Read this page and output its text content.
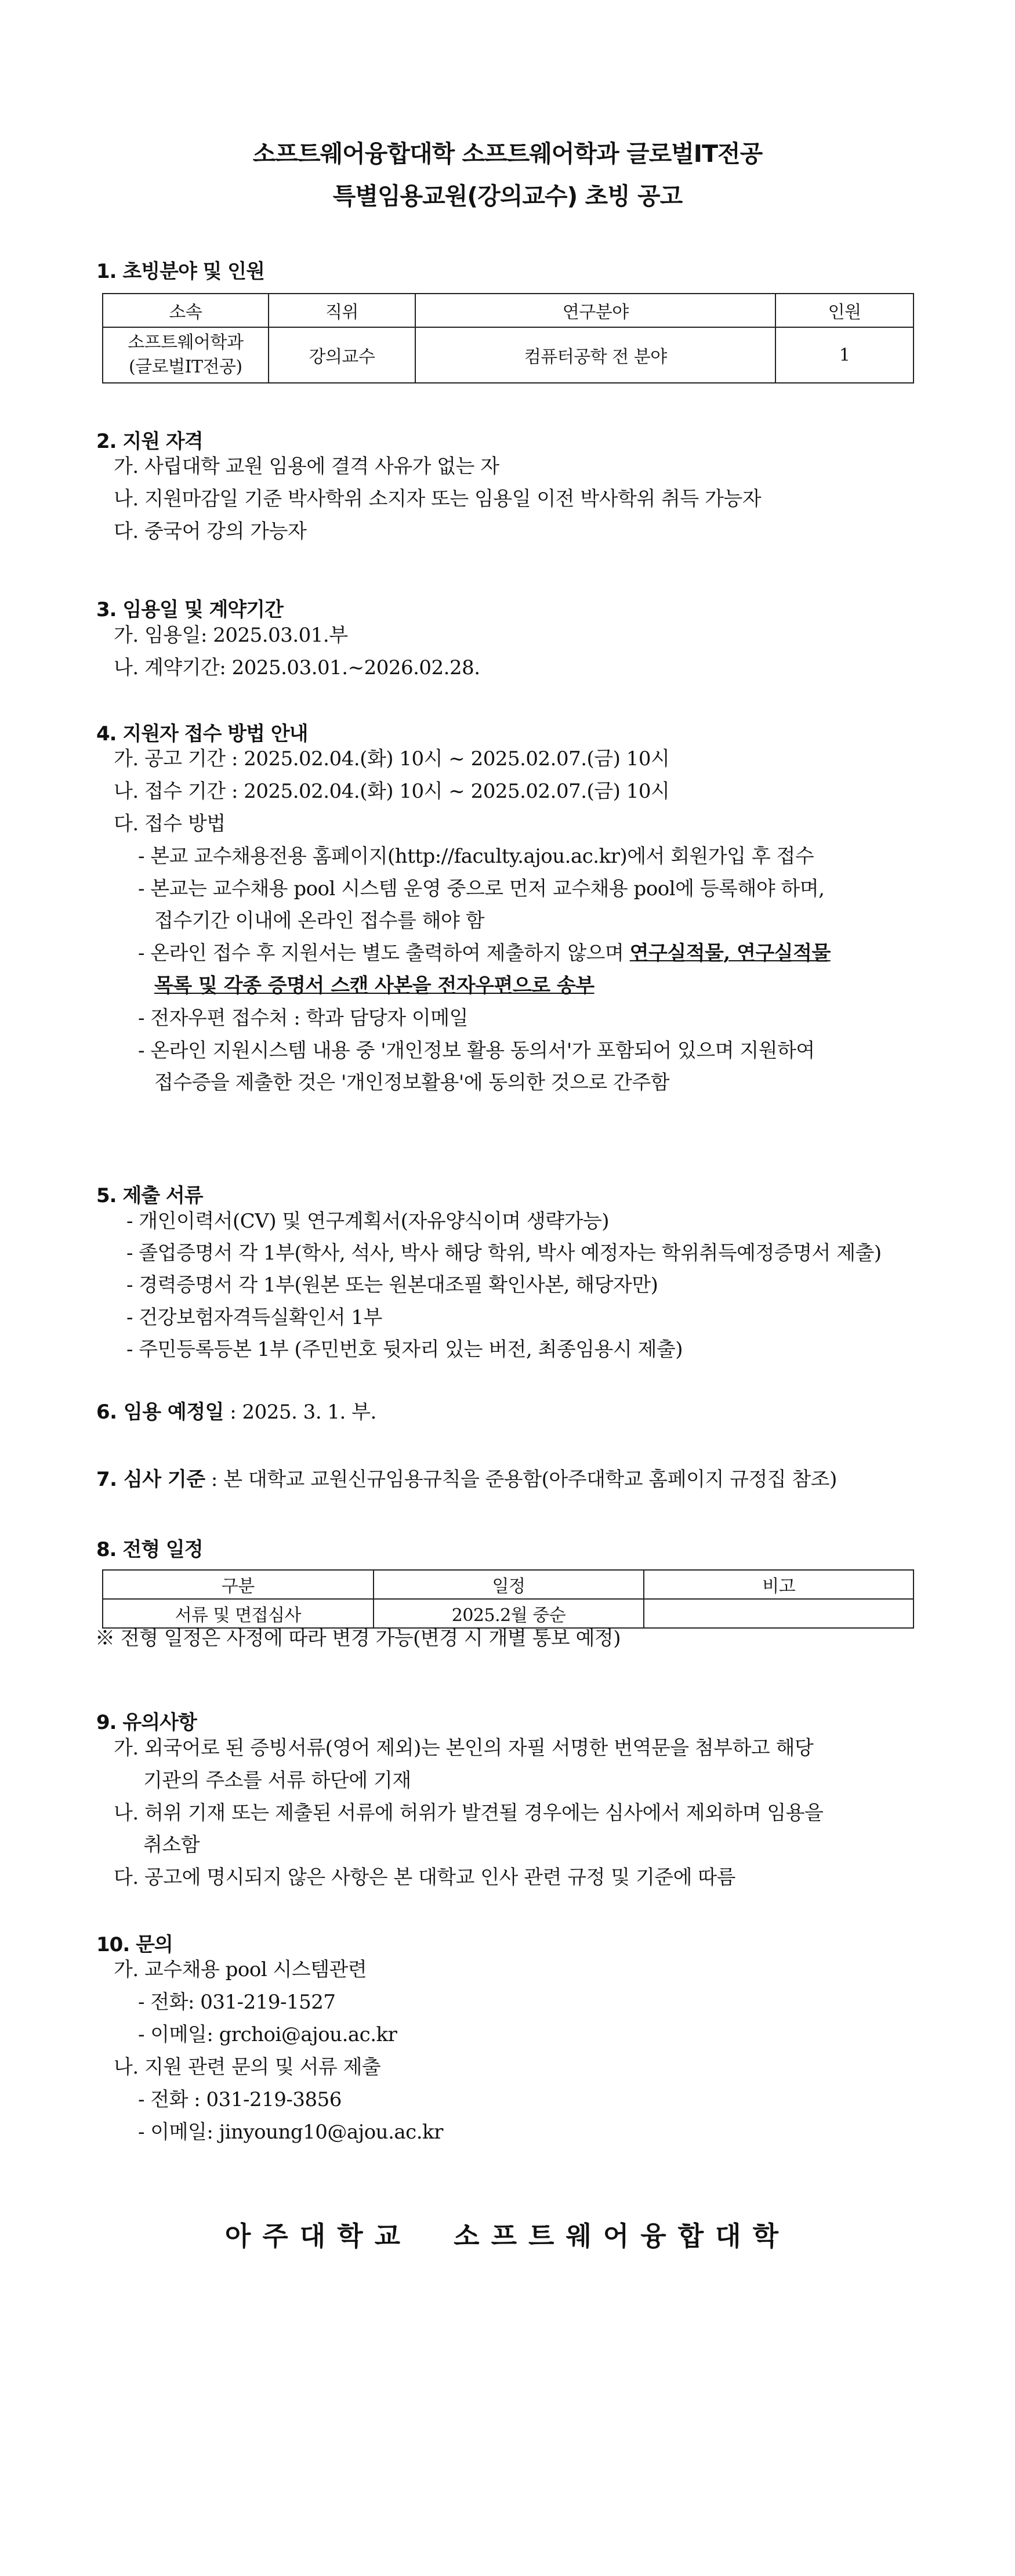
소프트웨어융합대학 소프트웨어학과 글로벌IT전공
특별임용교원(강의교수) 초빙 공고
1. 초빙분야 및 인원
소속	직위	연구분야	인원

소프트웨어학과
(글로벌IT전공)	강의교수	컴퓨터공학 전 분야	1
2. 지원 자격
가. 사립대학 교원 임용에 결격 사유가 없는 자
나. 지원마감일 기준 박사학위 소지자 또는 임용일 이전 박사학위 취득 가능자
다. 중국어 강의 가능자
3. 임용일 및 계약기간
가. 임용일: 2025.03.01.부
나. 계약기간: 2025.03.01.~2026.02.28.
4. 지원자 접수 방법 안내
가. 공고 기간 : 2025.02.04.(화) 10시 ~ 2025.02.07.(금) 10시
나. 접수 기간 : 2025.02.04.(화) 10시 ~ 2025.02.07.(금) 10시
다. 접수 방법
- 본교 교수채용전용 홈페이지(http://faculty.ajou.ac.kr)에서 회원가입 후 접수
- 본교는 교수채용 pool 시스템 운영 중으로 먼저 교수채용 pool에 등록해야 하며,
접수기간 이내에 온라인 접수를 해야 함
- 온라인 접수 후 지원서는 별도 출력하여 제출하지 않으며 연구실적물, 연구실적물
목록 및 각종 증명서 스캔 사본을 전자우편으로 송부
- 전자우편 접수처 : 학과 담당자 이메일
- 온라인 지원시스템 내용 중 '개인정보 활용 동의서'가 포함되어 있으며 지원하여
접수증을 제출한 것은 '개인정보활용'에 동의한 것으로 간주함
5. 제출 서류
- 개인이력서(CV) 및 연구계획서(자유양식이며 생략가능)
- 졸업증명서 각 1부(학사, 석사, 박사 해당 학위, 박사 예정자는 학위취득예정증명서 제출)
- 경력증명서 각 1부(원본 또는 원본대조필 확인사본, 해당자만)
- 건강보험자격득실확인서 1부
- 주민등록등본 1부 (주민번호 뒷자리 있는 버전, 최종임용시 제출)
6. 임용 예정일 : 2025. 3. 1. 부.
7. 심사 기준 : 본 대학교 교원신규임용규칙을 준용함(아주대학교 홈페이지 규정집 참조)
8. 전형 일정
구분	일정	비고
서류 및 면접심사	2025.2월 중순	
※ 전형 일정은 사정에 따라 변경 가능(변경 시 개별 통보 예정)
9. 유의사항
가. 외국어로 된 증빙서류(영어 제외)는 본인의 자필 서명한 번역문을 첨부하고 해당
기관의 주소를 서류 하단에 기재
나. 허위 기재 또는 제출된 서류에 허위가 발견될 경우에는 심사에서 제외하며 임용을
취소함
다. 공고에 명시되지 않은 사항은 본 대학교 인사 관련 규정 및 기준에 따름
10. 문의
가. 교수채용 pool 시스템관련
- 전화: 031-219-1527
- 이메일: grchoi@ajou.ac.kr
나. 지원 관련 문의 및 서류 제출
- 전화 : 031-219-3856
- 이메일: jinyoung10@ajou.ac.kr
아주대학교  소프트웨어융합대학
